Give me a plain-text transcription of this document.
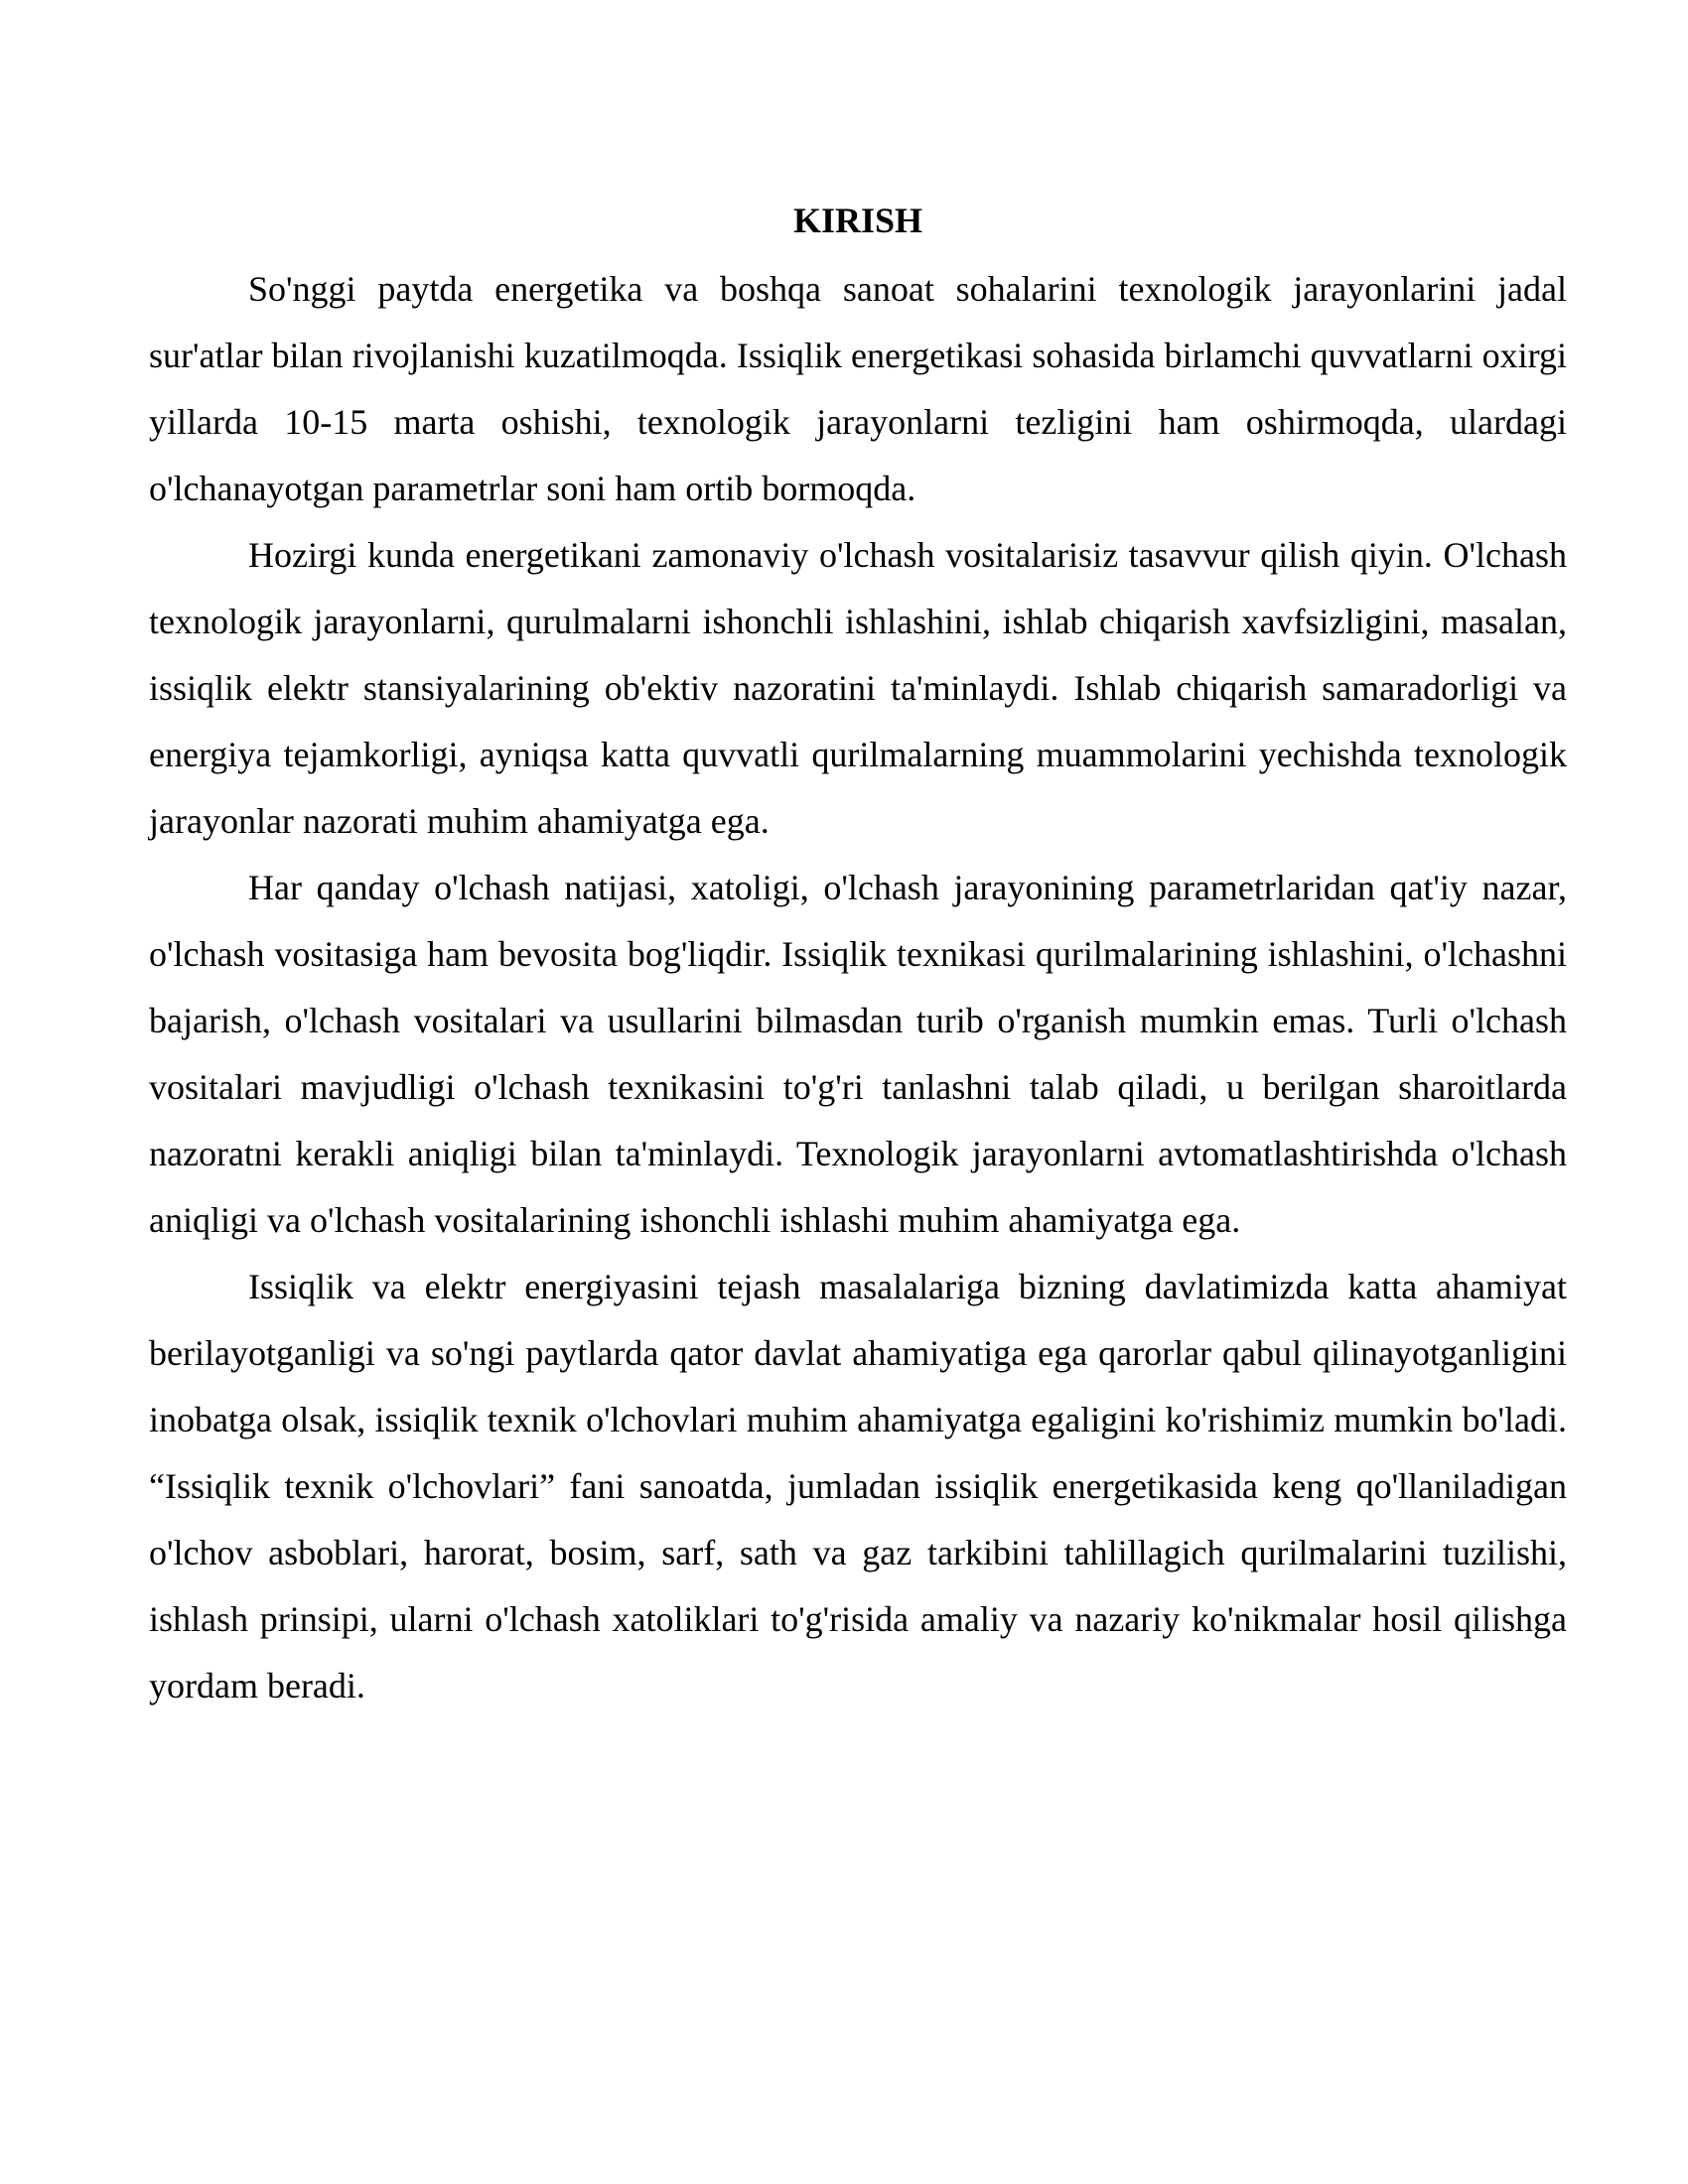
KIRISH

So'nggi paytda energetika va boshqa sanoat sohalarini texnologik jarayonlarini jadal sur'atlar bilan rivojlanishi kuzatilmoqda. Issiqlik energetikasi sohasida birlamchi quvvatlarni oxirgi yillarda 10-15 marta oshishi, texnologik jarayonlarni tezligini ham oshirmoqda, ulardagi o'lchanayotgan parametrlar soni ham ortib bormoqda.

Hozirgi kunda energetikani zamonaviy o'lchash vositalarisiz tasavvur qilish qiyin. O'lchash texnologik jarayonlarni, qurulmalarni ishonchli ishlashini, ishlab chiqarish xavfsizligini, masalan, issiqlik elektr stansiyalarining ob'ektiv nazoratini ta'minlaydi. Ishlab chiqarish samaradorligi va energiya tejamkorligi, ayniqsa katta quvvatli qurilmalarning muammolarini yechishda texnologik jarayonlar nazorati muhim ahamiyatga ega.

Har qanday o'lchash natijasi, xatoligi, o'lchash jarayonining parametrlaridan qat'iy nazar, o'lchash vositasiga ham bevosita bog'liqdir. Issiqlik texnikasi qurilmalarining ishlashini, o'lchashni bajarish, o'lchash vositalari va usullarini bilmasdan turib o'rganish mumkin emas. Turli o'lchash vositalari mavjudligi o'lchash texnikasini to'g'ri tanlashni talab qiladi, u berilgan sharoitlarda nazoratni kerakli aniqligi bilan ta'minlaydi. Texnologik jarayonlarni avtomatlashtirishda o'lchash aniqligi va o'lchash vositalarining ishonchli ishlashi muhim ahamiyatga ega.

Issiqlik va elektr energiyasini tejash masalalariga bizning davlatimizda katta ahamiyat berilayotganligi va so'ngi paytlarda qator davlat ahamiyatiga ega qarorlar qabul qilinayotganligini inobatga olsak, issiqlik texnik o'lchovlari muhim ahamiyatga egaligini ko'rishimiz mumkin bo'ladi. “Issiqlik texnik o'lchovlari” fani sanoatda, jumladan issiqlik energetikasida keng qo'llaniladigan o'lchov asboblari, harorat, bosim, sarf, sath va gaz tarkibini tahlillagich qurilmalarini tuzilishi, ishlash prinsipi, ularni o'lchash xatoliklari to'g'risida amaliy va nazariy ko'nikmalar hosil qilishga yordam beradi.
